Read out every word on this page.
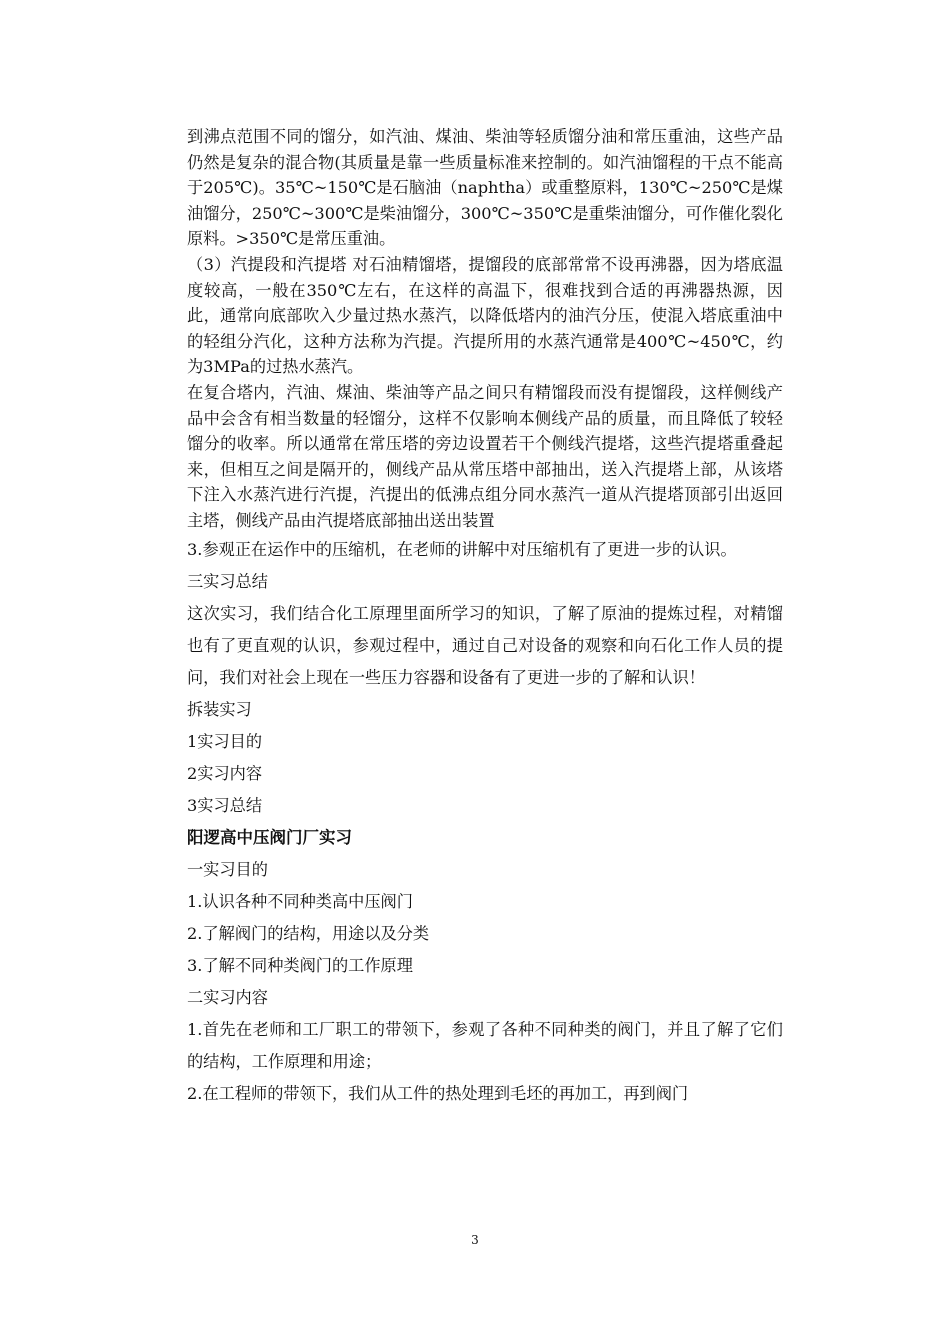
到沸点范围不同的馏分，如汽油、煤油、柴油等轻质馏分油和常压重油，这些产品仍然是复杂的混合物(其质量是靠一些质量标准来控制的。如汽油馏程的干点不能高于205℃)。35℃~150℃是石脑油（naphtha）或重整原料，130℃~250℃是煤油馏分，250℃~300℃是柴油馏分，300℃~350℃是重柴油馏分，可作催化裂化原料。>350℃是常压重油。

（3）汽提段和汽提塔 对石油精馏塔，提馏段的底部常常不设再沸器，因为塔底温度较高，一般在350℃左右，在这样的高温下，很难找到合适的再沸器热源，因此，通常向底部吹入少量过热水蒸汽，以降低塔内的油汽分压，使混入塔底重油中的轻组分汽化，这种方法称为汽提。汽提所用的水蒸汽通常是400℃~450℃，约为3MPa的过热水蒸汽。

在复合塔内，汽油、煤油、柴油等产品之间只有精馏段而没有提馏段，这样侧线产品中会含有相当数量的轻馏分，这样不仅影响本侧线产品的质量，而且降低了较轻馏分的收率。所以通常在常压塔的旁边设置若干个侧线汽提塔，这些汽提塔重叠起来，但相互之间是隔开的，侧线产品从常压塔中部抽出，送入汽提塔上部，从该塔下注入水蒸汽进行汽提，汽提出的低沸点组分同水蒸汽一道从汽提塔顶部引出返回主塔，侧线产品由汽提塔底部抽出送出装置

3.参观正在运作中的压缩机，在老师的讲解中对压缩机有了更进一步的认识。

三实习总结

这次实习，我们结合化工原理里面所学习的知识，了解了原油的提炼过程，对精馏也有了更直观的认识，参观过程中，通过自己对设备的观察和向石化工作人员的提问，我们对社会上现在一些压力容器和设备有了更进一步的了解和认识！

拆装实习

1实习目的

2实习内容

3实习总结

阳逻高中压阀门厂实习

一实习目的

1.认识各种不同种类高中压阀门

2.了解阀门的结构，用途以及分类

3.了解不同种类阀门的工作原理

二实习内容

1.首先在老师和工厂职工的带领下，参观了各种不同种类的阀门，并且了解了它们的结构，工作原理和用途；

2.在工程师的带领下，我们从工件的热处理到毛坯的再加工，再到阀门

3
